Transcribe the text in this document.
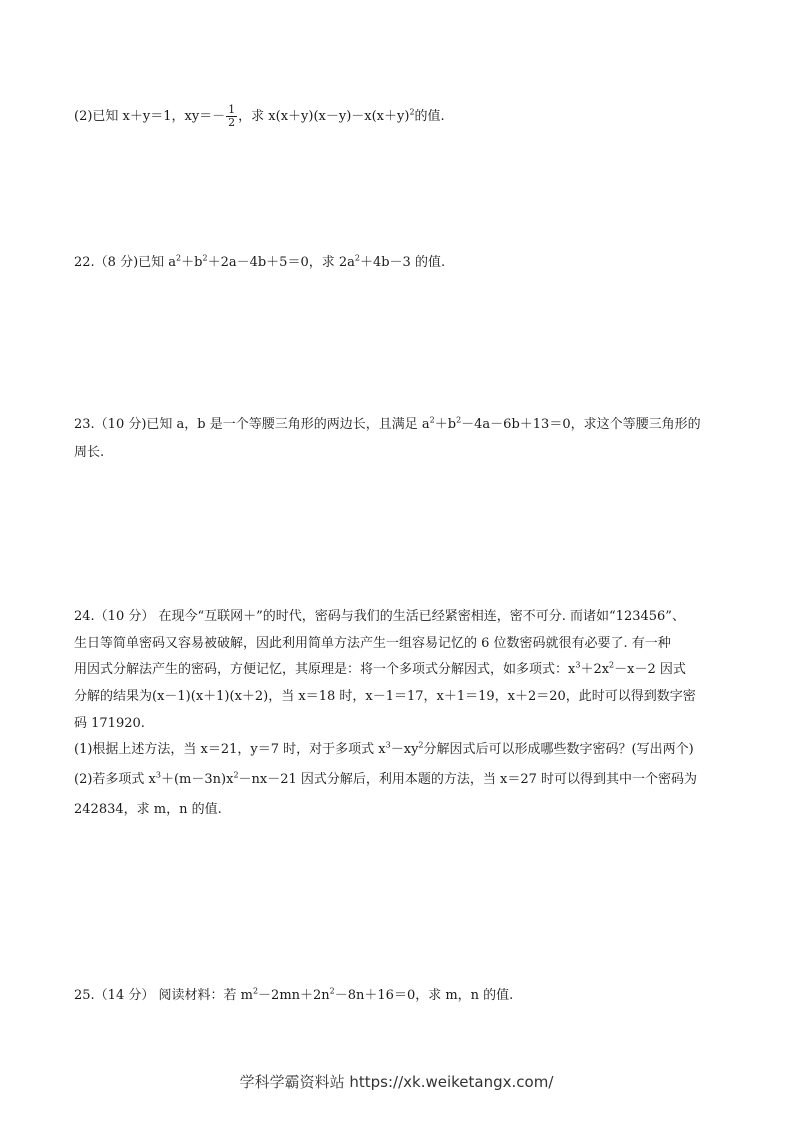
(2)已知 x＋y＝1，$xy=- \frac{1}{2}$ ，求 $x(x+y)(x-y)-x(x+y)^2$的值.
22.（8 分)已知 $a^2+b^2+2a-4b+5=0$，求 $2a^2+4b-3$ 的值.
23.（10 分)已知 a，b 是一个等腰三角形的两边长，且满足 $a^2+b^2-4a-6b+13=0$，求这个等腰三角形的
周长.
24.（10 分） 在现今“互联网＋”的时代，密码与我们的生活已经紧密相连，密不可分. 而诸如“123456”、
生日等简单密码又容易被破解，因此利用简单方法产生一组容易记忆的 6 位数密码就很有必要了. 有一种
用因式分解法产生的密码，方便记忆，其原理是：将一个多项式分解因式，如多项式：$x^3+2x^2-x-2$ 因式
分解的结果为(x－1)(x＋1)(x＋2)，当 x＝18 时，x－1＝17，x＋1＝19，x＋2＝20，此时可以得到数字密
码 171920.
(1)根据上述方法，当 x＝21，y＝7 时，对于多项式 $x^3-xy^2$分解因式后可以形成哪些数字密码？(写出两个)
(2)若多项式 $x^3+(m-3n)x^2-nx-21$ 因式分解后，利用本题的方法，当 x＝27 时可以得到其中一个密码为
242834，求 m，n 的值.
25.（14 分） 阅读材料：若 $m^2-2mn+2n^2-8n+16=0$，求 m，n 的值.
学科学霸资料站 https://xk.weiketangx.com/
